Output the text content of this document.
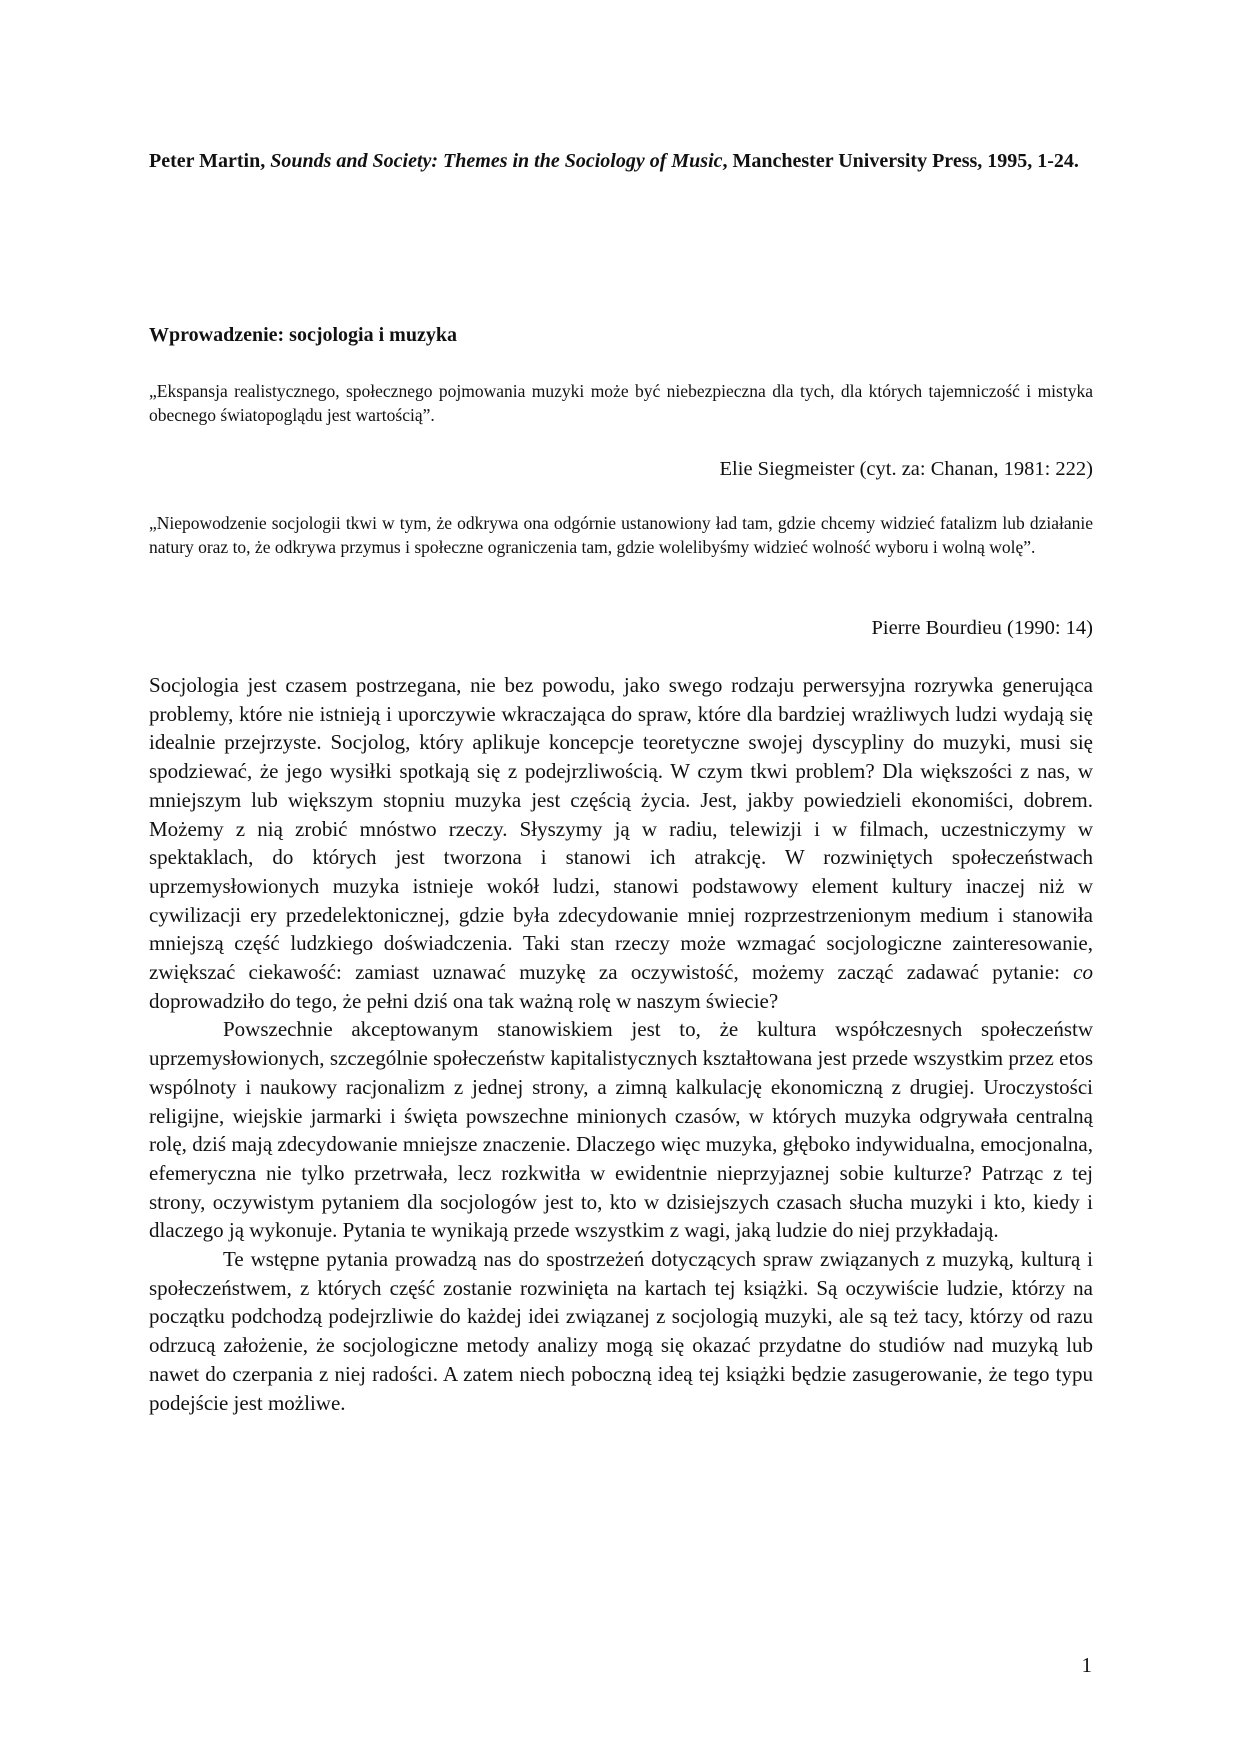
Peter Martin, Sounds and Society: Themes in the Sociology of Music, Manchester University Press, 1995, 1-24.

Wprowadzenie: socjologia i muzyka

„Ekspansja realistycznego, społecznego pojmowania muzyki może być niebezpieczna dla tych, dla których tajemniczość i mistyka obecnego światopoglądu jest wartością”.

Elie Siegmeister (cyt. za: Chanan, 1981: 222)

„Niepowodzenie socjologii tkwi w tym, że odkrywa ona odgórnie ustanowiony ład tam, gdzie chcemy widzieć fatalizm lub działanie natury oraz to, że odkrywa przymus i społeczne ograniczenia tam, gdzie wolelibyśmy widzieć wolność wyboru i wolną wolę”.

Pierre Bourdieu (1990: 14)

Socjologia jest czasem postrzegana, nie bez powodu, jako swego rodzaju perwersyjna rozrywka generująca problemy, które nie istnieją i uporczywie wkraczająca do spraw, które dla bardziej wrażliwych ludzi wydają się idealnie przejrzyste. Socjolog, który aplikuje koncepcje teoretyczne swojej dyscypliny do muzyki, musi się spodziewać, że jego wysiłki spotkają się z podejrzliwością. W czym tkwi problem? Dla większości z nas, w mniejszym lub większym stopniu muzyka jest częścią życia. Jest, jakby powiedzieli ekonomiści, dobrem. Możemy z nią zrobić mnóstwo rzeczy. Słyszymy ją w radiu, telewizji i w filmach, uczestniczymy w spektaklach, do których jest tworzona i stanowi ich atrakcję. W rozwiniętych społeczeństwach uprzemysłowionych muzyka istnieje wokół ludzi, stanowi podstawowy element kultury inaczej niż w cywilizacji ery przedelektonicznej, gdzie była zdecydowanie mniej rozprzestrzenionym medium i stanowiła mniejszą część ludzkiego doświadczenia. Taki stan rzeczy może wzmagać socjologiczne zainteresowanie, zwiększać ciekawość: zamiast uznawać muzykę za oczywistość, możemy zacząć zadawać pytanie: co doprowadziło do tego, że pełni dziś ona tak ważną rolę w naszym świecie?

Powszechnie akceptowanym stanowiskiem jest to, że kultura współczesnych społeczeństw uprzemysłowionych, szczególnie społeczeństw kapitalistycznych kształtowana jest przede wszystkim przez etos wspólnoty i naukowy racjonalizm z jednej strony, a zimną kalkulację ekonomiczną z drugiej. Uroczystości religijne, wiejskie jarmarki i święta powszechne minionych czasów, w których muzyka odgrywała centralną rolę, dziś mają zdecydowanie mniejsze znaczenie. Dlaczego więc muzyka, głęboko indywidualna, emocjonalna, efemeryczna nie tylko przetrwała, lecz rozkwitła w ewidentnie nieprzyjaznej sobie kulturze? Patrząc z tej strony, oczywistym pytaniem dla socjologów jest to, kto w dzisiejszych czasach słucha muzyki i kto, kiedy i dlaczego ją wykonuje. Pytania te wynikają przede wszystkim z wagi, jaką ludzie do niej przykładają.

Te wstępne pytania prowadzą nas do spostrzeżeń dotyczących spraw związanych z muzyką, kulturą i społeczeństwem, z których część zostanie rozwinięta na kartach tej książki. Są oczywiście ludzie, którzy na początku podchodzą podejrzliwie do każdej idei związanej z socjologią muzyki, ale są też tacy, którzy od razu odrzucą założenie, że socjologiczne metody analizy mogą się okazać przydatne do studiów nad muzyką lub nawet do czerpania z niej radości. A zatem niech poboczną ideą tej książki będzie zasugerowanie, że tego typu podejście jest możliwe.

1
